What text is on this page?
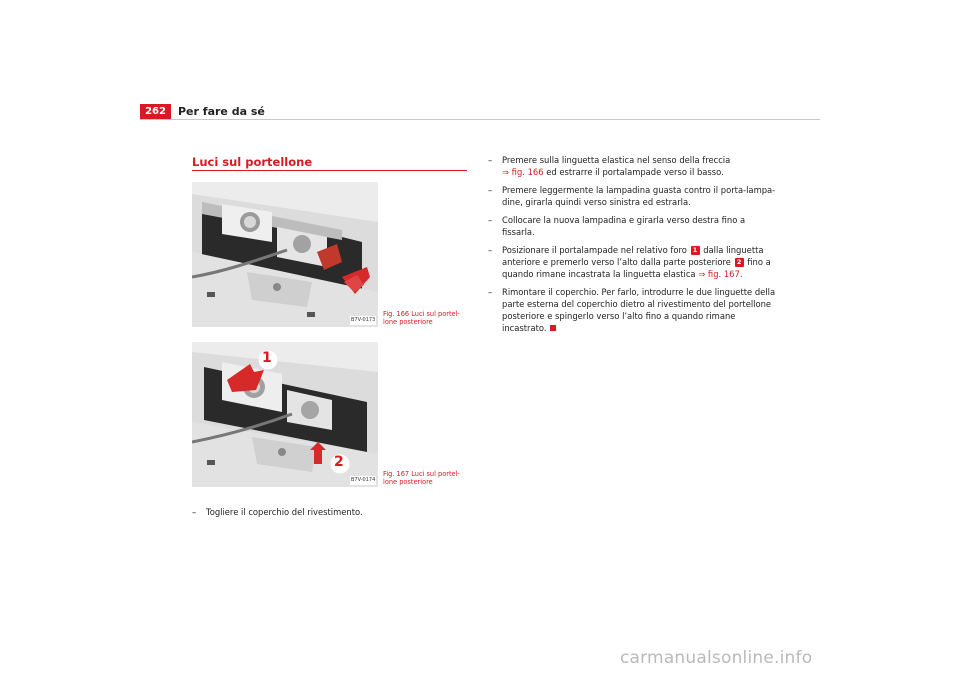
262	Per fare da sé
Luci sul portellone
B7V-0173
Fig. 166 Luci sul portel-
lone posteriore
1
2
B7V-0174
Fig. 167 Luci sul portel-
lone posteriore
– Togliere il coperchio del rivestimento.
– Premere sulla linguetta elastica nel senso della freccia
⇒ fig. 166 ed estrarre il portalampade verso il basso.
– Premere leggermente la lampadina guasta contro il porta-lampa-
dine, girarla quindi verso sinistra ed estrarla.
– Collocare la nuova lampadina e girarla verso destra fino a
fissarla.
– Posizionare il portalampade nel relativo foro 1 dalla linguetta
anteriore e premerlo verso l’alto dalla parte posteriore 2 fino a
quando rimane incastrata la linguetta elastica ⇒ fig. 167.
– Rimontare il coperchio. Per farlo, introdurre le due linguette della
parte esterna del coperchio dietro al rivestimento del portellone
posteriore e spingerlo verso l’alto fino a quando rimane
incastrato.
carmanualsonline.info
